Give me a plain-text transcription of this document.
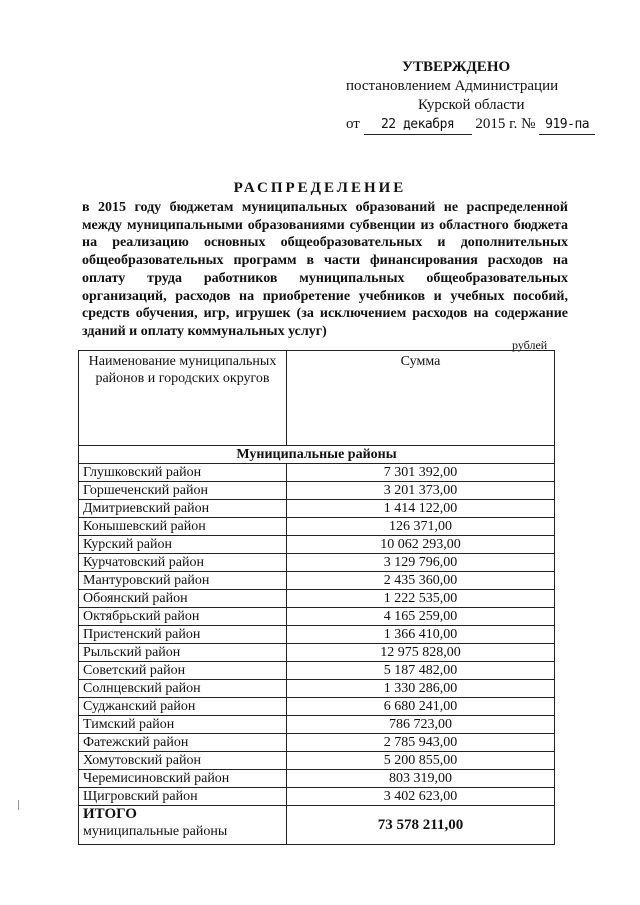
УТВЕРЖДЕНО
постановлением Администрации
Курской области
от 22 декабря 2015 г. № 919-па
РАСПРЕДЕЛЕНИЕ
в 2015 году бюджетам муниципальных образований не распределенной между муниципальными образованиями субвенции из областного бюджета на реализацию основных общеобразовательных и дополнительных общеобразовательных программ в части финансирования расходов на оплату труда работников муниципальных общеобразовательных организаций, расходов на приобретение учебников и учебных пособий, средств обучения, игр, игрушек (за исключением расходов на содержание зданий и оплату коммунальных услуг)
рублей
Наименование муниципальных районов и городских округов	Сумма
Муниципальные районы	
Глушковский район	7 301 392,00
Горшеченский район	3 201 373,00
Дмитриевский район	1 414 122,00
Конышевский район	126 371,00
Курский район	10 062 293,00
Курчатовский район	3 129 796,00
Мантуровский район	2 435 360,00
Обоянский район	1 222 535,00
Октябрьский район	4 165 259,00
Пристенский район	1 366 410,00
Рыльский район	12 975 828,00
Советский район	5 187 482,00
Солнцевский район	1 330 286,00
Суджанский район	6 680 241,00
Тимский район	786 723,00
Фатежский район	2 785 943,00
Хомутовский район	5 200 855,00
Черемисиновский район	803 319,00
Щигровский район	3 402 623,00

ИТОГО
муниципальные районы	73 578 211,00
